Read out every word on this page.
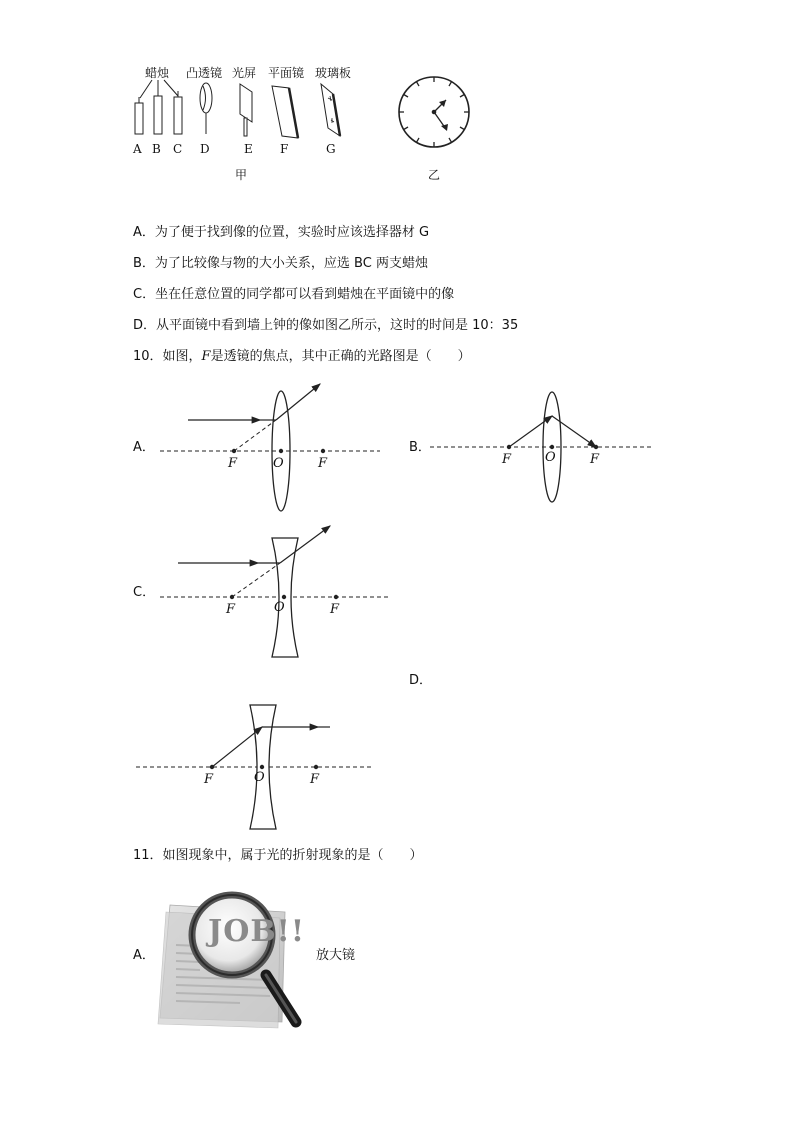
蜡烛 凸透镜 光屏 平面镜 玻璃板
A B C D	E F	G
甲	乙
A．为了便于找到像的位置，实验时应该选择器材 G
B．为了比较像与物的大小关系，应选 BC 两支蜡烛
C．坐在任意位置的同学都可以看到蜡烛在平面镜中的像
D．从平面镜中看到墙上钟的像如图乙所示，这时的时间是 10：35
10．如图，F是透镜的焦点，其中正确的光路图是（　　）
A．	B．
C．
D．
F	O	F	F	O	F
F	O	F
F	O	F
11．如图现象中，属于光的折射现象的是（　　）
A．
JOB!!
放大镜
